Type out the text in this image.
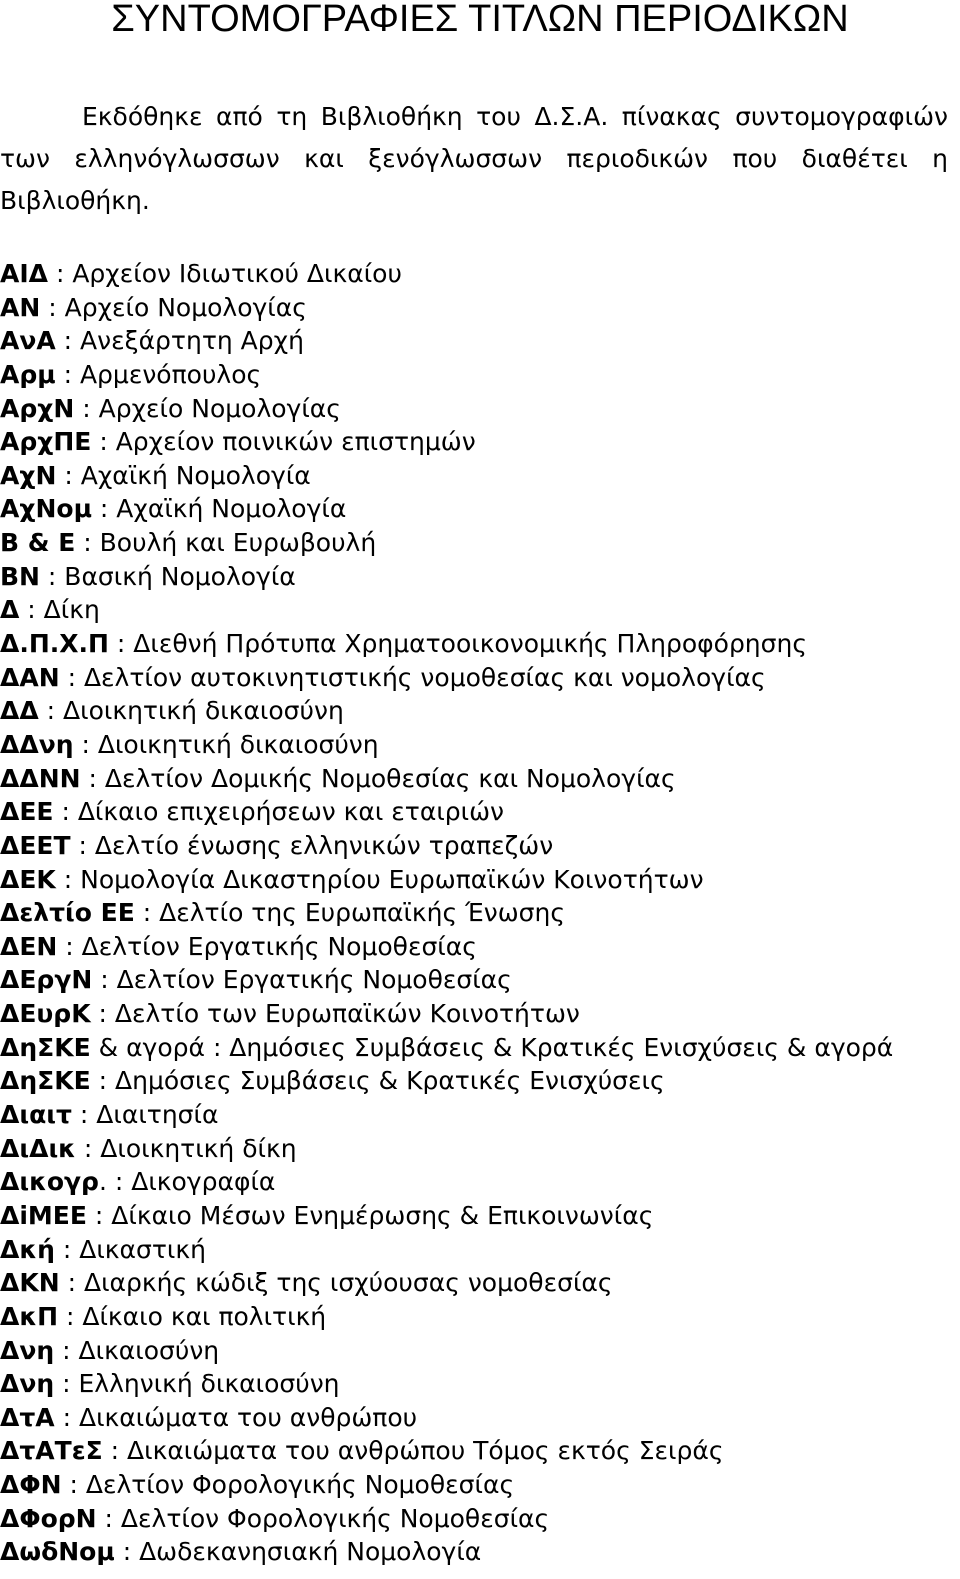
ΣΥΝΤΟΜΟΓΡΑΦΙΕΣ ΤΙΤΛΩΝ ΠΕΡΙΟΔΙΚΩΝ

Εκδόθηκε από τη Βιβλιοθήκη του Δ.Σ.Α. πίνακας συντομογραφιών των ελληνόγλωσσων και ξενόγλωσσων περιοδικών που διαθέτει η Βιβλιοθήκη.

ΑΙΔ : Αρχείον Ιδιωτικού Δικαίου
ΑΝ : Αρχείο Νομολογίας
ΑνΑ : Ανεξάρτητη Αρχή
Αρμ : Αρμενόπουλος
ΑρχΝ : Αρχείο Νομολογίας
ΑρχΠΕ : Αρχείον ποινικών επιστημών
ΑχΝ : Αχαϊκή Νομολογία
ΑχΝομ : Αχαϊκή Νομολογία
Β & Ε : Βουλή και Ευρωβουλή
ΒΝ : Βασική Νομολογία
Δ : Δίκη
Δ.Π.Χ.Π : Διεθνή Πρότυπα Χρηματοοικονομικής Πληροφόρησης
ΔΑΝ : Δελτίον αυτοκινητιστικής νομοθεσίας και νομολογίας
ΔΔ : Διοικητική δικαιοσύνη
ΔΔνη : Διοικητική δικαιοσύνη
ΔΔΝΝ : Δελτίον Δομικής Νομοθεσίας και Νομολογίας
ΔΕΕ : Δίκαιο επιχειρήσεων και εταιριών
ΔΕΕΤ : Δελτίο ένωσης ελληνικών τραπεζών
ΔΕΚ : Νομολογία Δικαστηρίου Ευρωπαϊκών Κοινοτήτων
Δελτίο ΕΕ : Δελτίο της Ευρωπαϊκής Ένωσης
ΔΕΝ : Δελτίον Εργατικής Νομοθεσίας
ΔΕργΝ : Δελτίον Εργατικής Νομοθεσίας
ΔΕυρΚ : Δελτίο των Ευρωπαϊκών Κοινοτήτων
ΔηΣΚΕ & αγορά : Δημόσιες Συμβάσεις & Κρατικές Ενισχύσεις & αγορά
ΔηΣΚΕ : Δημόσιες Συμβάσεις & Κρατικές Ενισχύσεις
Διαιτ : Διαιτησία
ΔιΔικ : Διοικητική δίκη
Δικογρ. : Δικογραφία
ΔiΜΕΕ : Δίκαιο Μέσων Ενημέρωσης & Επικοινωνίας
Δκή : Δικαστική
ΔΚΝ : Διαρκής κώδιξ της ισχύουσας νομοθεσίας
ΔκΠ : Δίκαιο και πολιτική
Δνη : Δικαιοσύνη
Δνη : Ελληνική δικαιοσύνη
ΔτΑ : Δικαιώματα του ανθρώπου
ΔτΑΤεΣ : Δικαιώματα του ανθρώπου Τόμος εκτός Σειράς
ΔΦΝ : Δελτίον Φορολογικής Νομοθεσίας
ΔΦορΝ : Δελτίον Φορολογικής Νομοθεσίας
ΔωδΝομ : Δωδεκανησιακή Νομολογία
